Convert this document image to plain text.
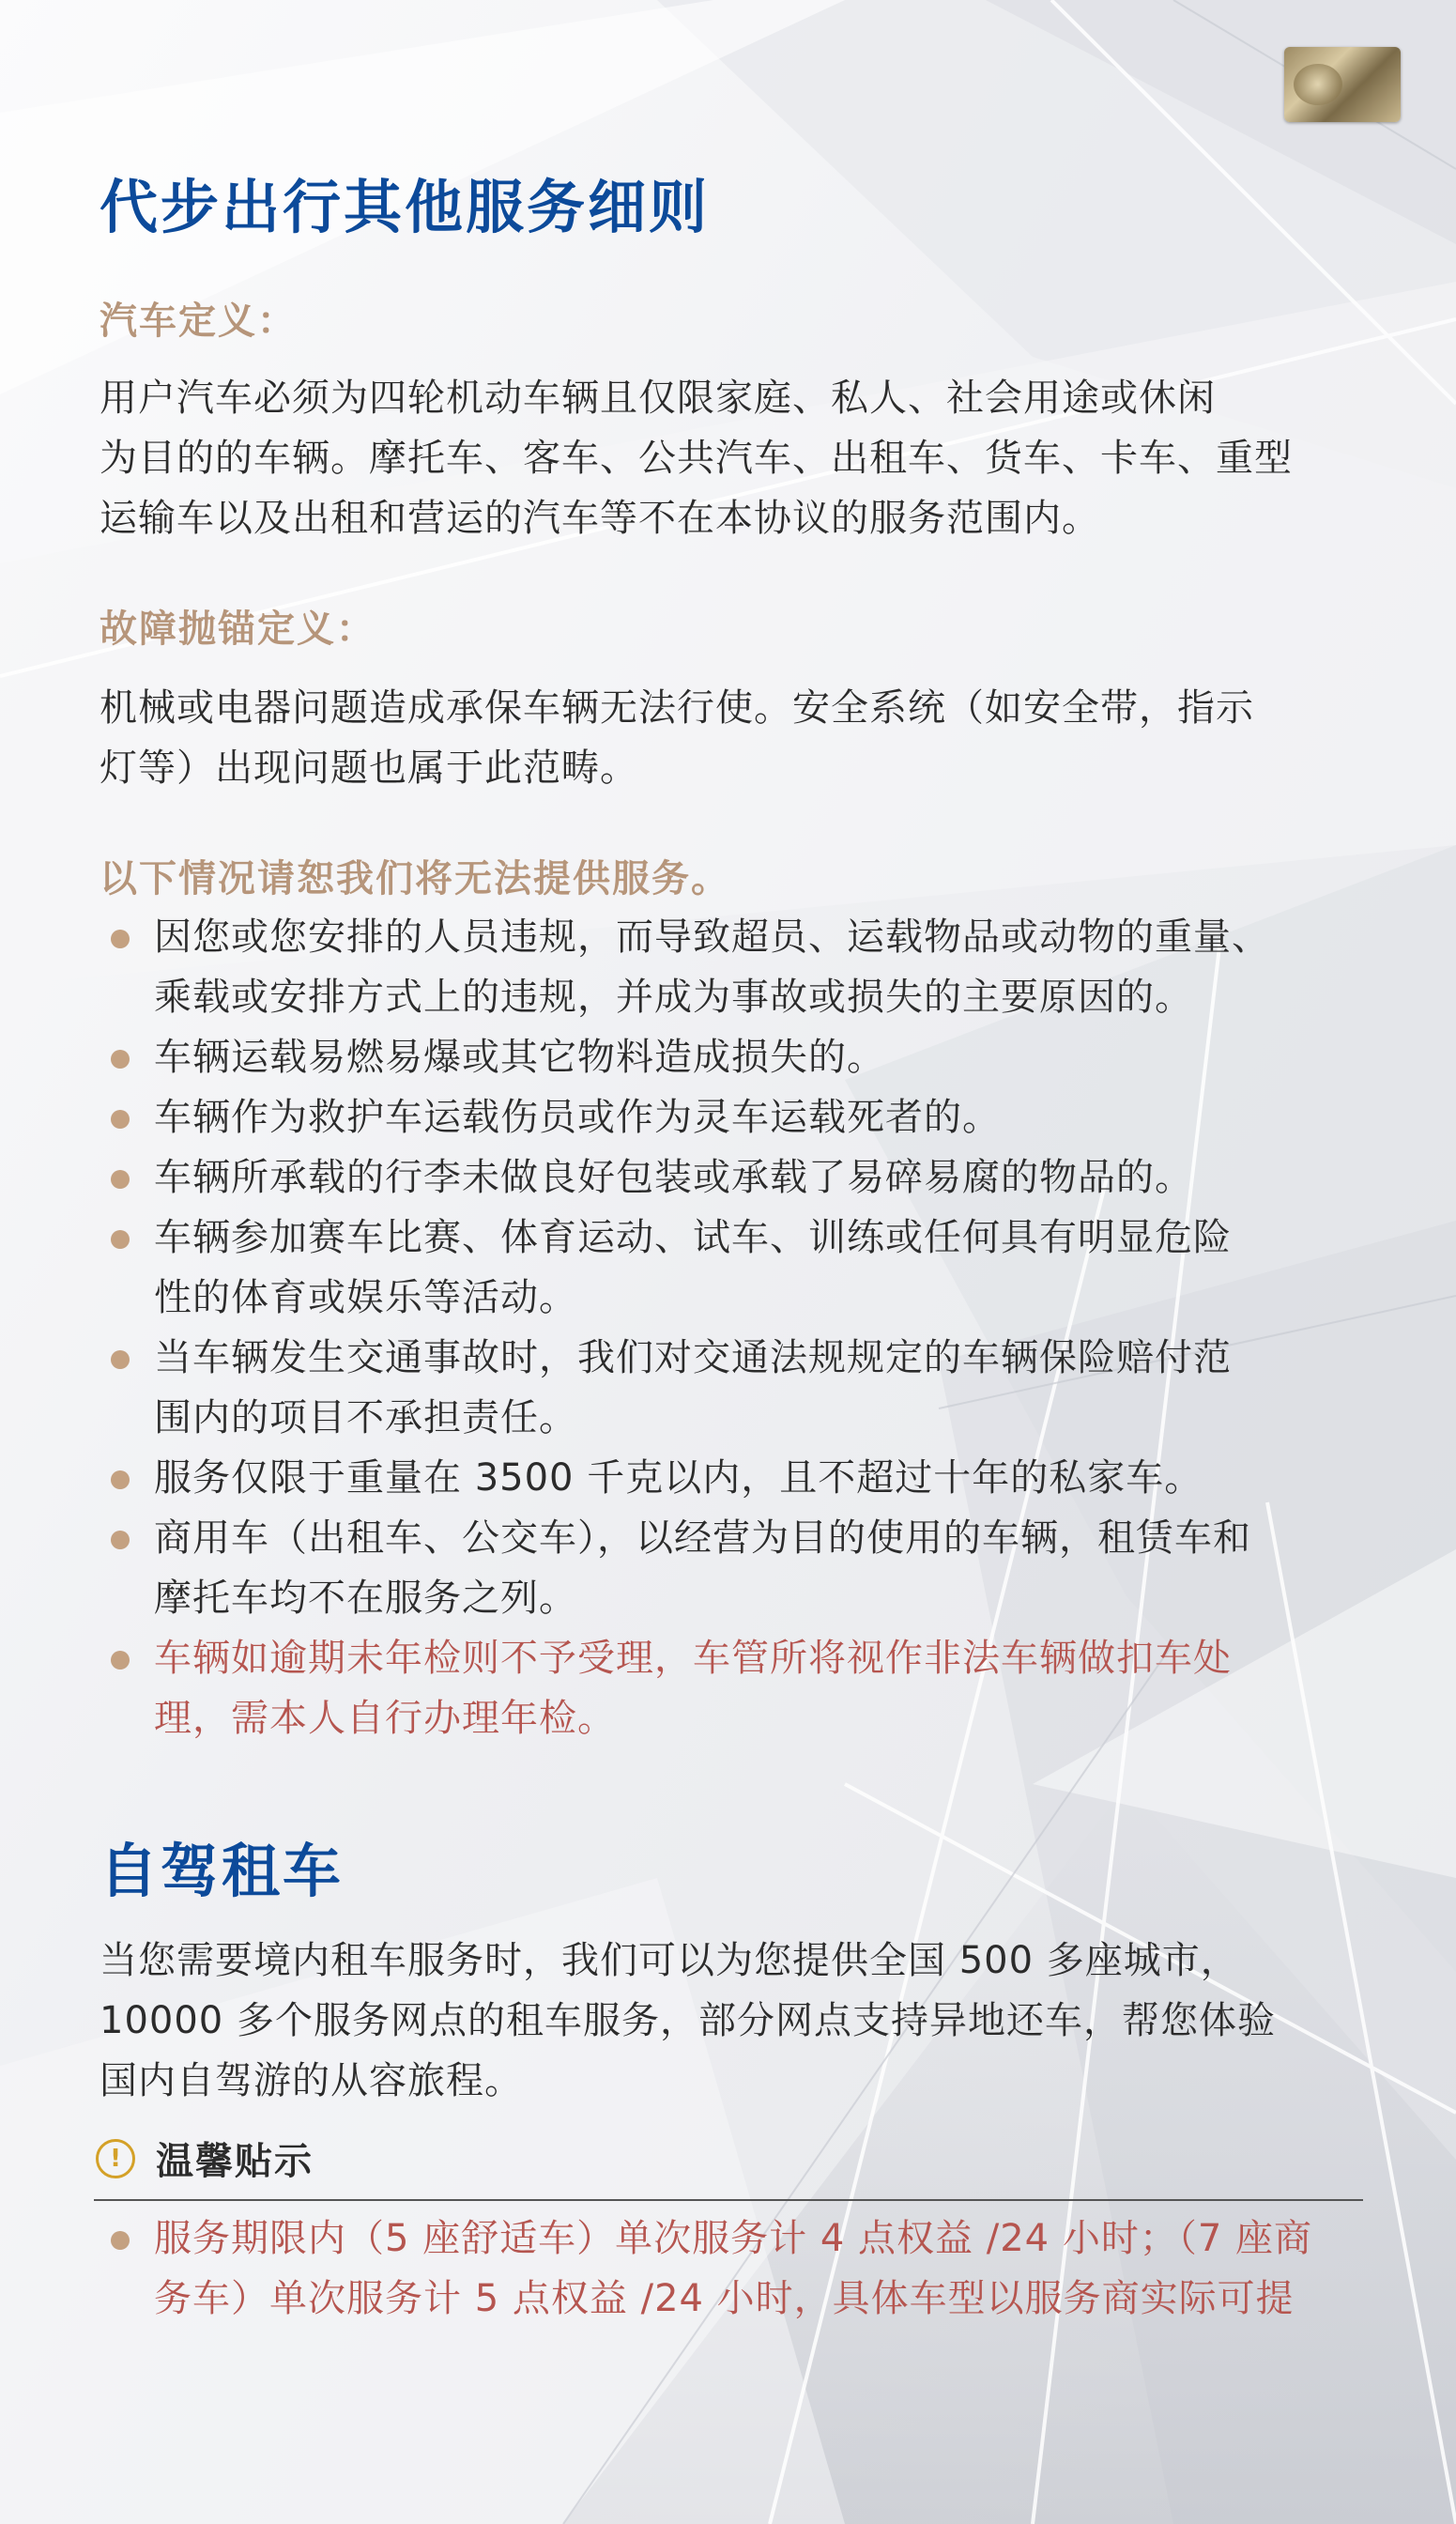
代步出行其他服务细则
汽车定义：
用户汽车必须为四轮机动车辆且仅限家庭、私人、社会用途或休闲
为目的的车辆。摩托车、客车、公共汽车、出租车、货车、卡车、重型
运输车以及出租和营运的汽车等不在本协议的服务范围内。
故障抛锚定义：
机械或电器问题造成承保车辆无法行使。安全系统（如安全带，指示
灯等）出现问题也属于此范畴。
以下情况请恕我们将无法提供服务。
因您或您安排的人员违规，而导致超员、运载物品或动物的重量、
乘载或安排方式上的违规，并成为事故或损失的主要原因的。
车辆运载易燃易爆或其它物料造成损失的。
车辆作为救护车运载伤员或作为灵车运载死者的。
车辆所承载的行李未做良好包装或承载了易碎易腐的物品的。
车辆参加赛车比赛、体育运动、试车、训练或任何具有明显危险
性的体育或娱乐等活动。
当车辆发生交通事故时，我们对交通法规规定的车辆保险赔付范
围内的项目不承担责任。
服务仅限于重量在 3500 千克以内，且不超过十年的私家车。
商用车（出租车、公交车），以经营为目的使用的车辆，租赁车和
摩托车均不在服务之列。
车辆如逾期未年检则不予受理，车管所将视作非法车辆做扣车处
理，需本人自行办理年检。
自驾租车
当您需要境内租车服务时，我们可以为您提供全国 500 多座城市，
10000 多个服务网点的租车服务，部分网点支持异地还车，帮您体验
国内自驾游的从容旅程。
! 温馨贴示
服务期限内（5 座舒适车）单次服务计 4 点权益 /24 小时；（7 座商
务车）单次服务计 5 点权益 /24 小时，具体车型以服务商实际可提
